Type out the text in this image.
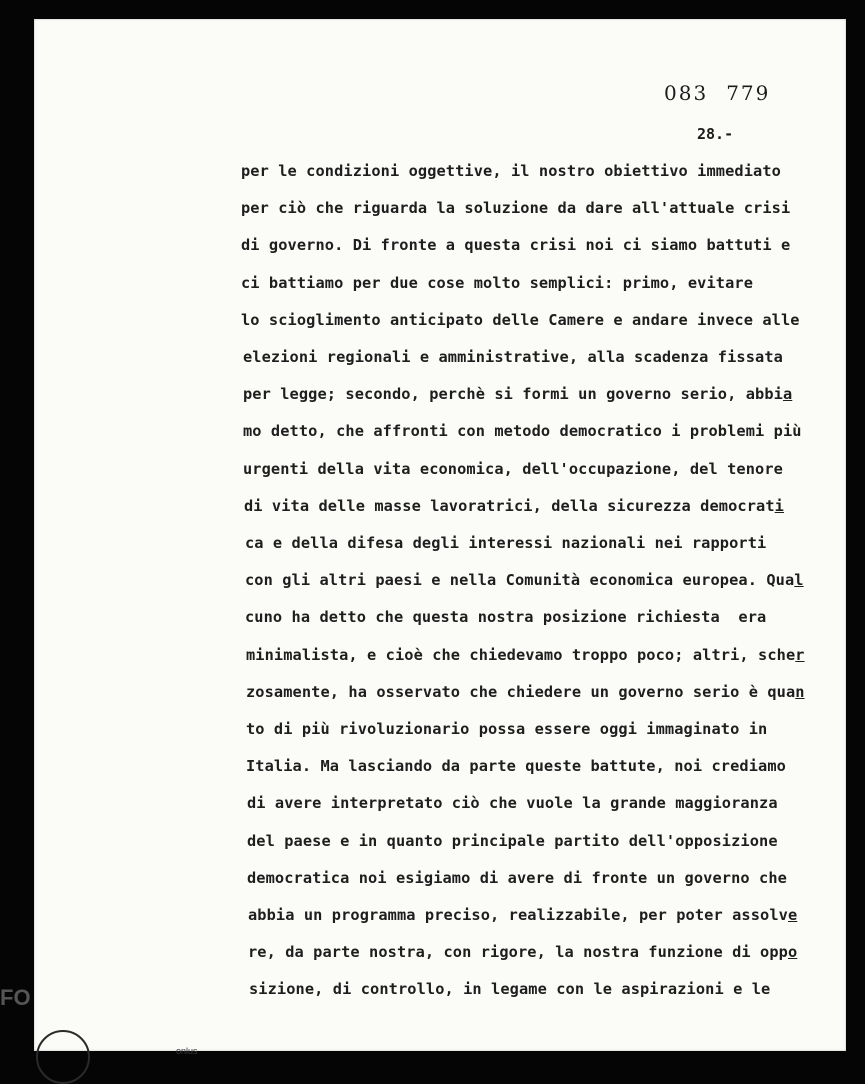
083 779
28.-
per le condizioni oggettive, il nostro obiettivo immediato
per ciò che riguarda la soluzione da dare all'attuale crisi
di governo. Di fronte a questa crisi noi ci siamo battuti e
ci battiamo per due cose molto semplici: primo, evitare
lo scioglimento anticipato delle Camere e andare invece alle
elezioni regionali e amministrative, alla scadenza fissata
per legge; secondo, perchè si formi un governo serio, abbia
mo detto, che affronti con metodo democratico i problemi più
urgenti della vita economica, dell'occupazione, del tenore
di vita delle masse lavoratrici, della sicurezza democrati
ca e della difesa degli interessi nazionali nei rapporti
con gli altri paesi e nella Comunità economica europea. Qual
cuno ha detto che questa nostra posizione richiesta  era
minimalista, e cioè che chiedevamo troppo poco; altri, scher
zosamente, ha osservato che chiedere un governo serio è quan
to di più rivoluzionario possa essere oggi immaginato in
Italia. Ma lasciando da parte queste battute, noi crediamo
di avere interpretato ciò che vuole la grande maggioranza
del paese e in quanto principale partito dell'opposizione
democratica noi esigiamo di avere di fronte un governo che
abbia un programma preciso, realizzabile, per poter assolve
re, da parte nostra, con rigore, la nostra funzione di oppo
sizione, di controllo, in legame con le aspirazioni e le
FO
onlus
